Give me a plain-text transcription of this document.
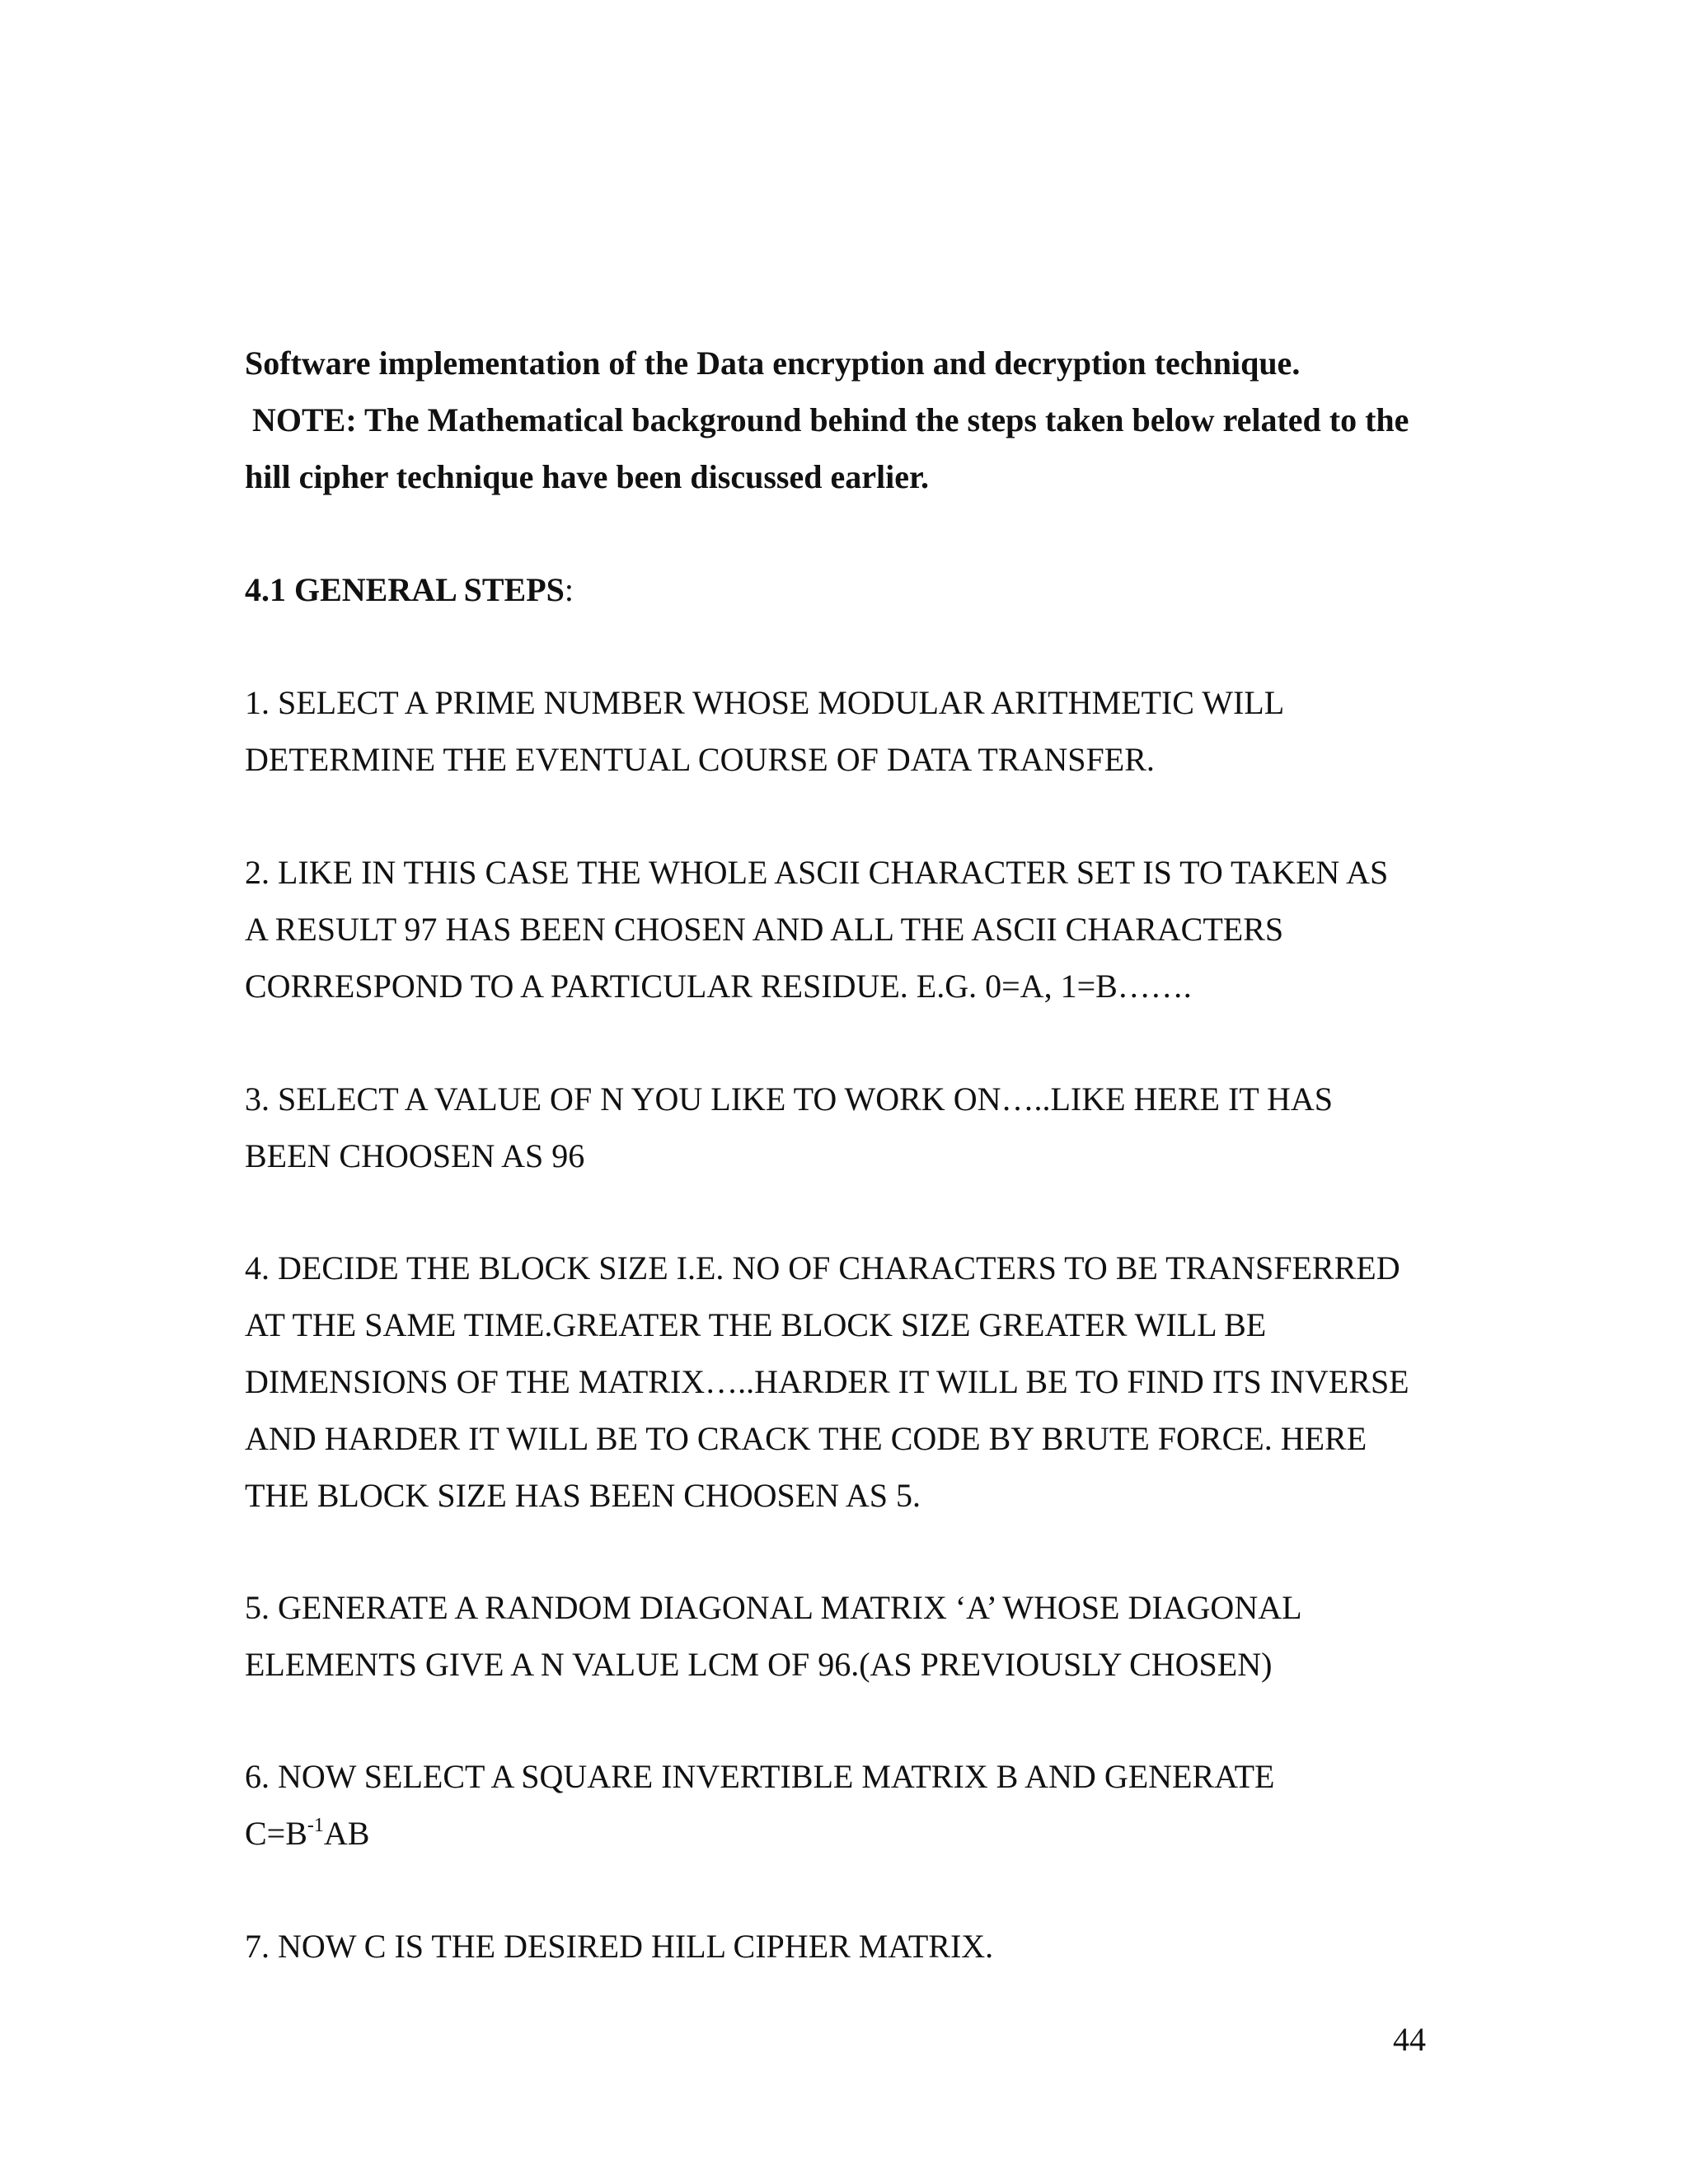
Software implementation of the Data encryption and decryption technique.
NOTE: The Mathematical background behind the steps taken below related to the
hill cipher technique have been discussed earlier.
4.1 GENERAL STEPS:
1. SELECT A PRIME NUMBER WHOSE MODULAR ARITHMETIC WILL
DETERMINE THE EVENTUAL COURSE OF DATA TRANSFER.
2. LIKE IN THIS CASE THE WHOLE ASCII CHARACTER SET IS TO TAKEN AS
A RESULT 97 HAS BEEN CHOSEN AND ALL THE ASCII CHARACTERS
CORRESPOND TO A PARTICULAR RESIDUE. E.G. 0=A, 1=B…….
3. SELECT A VALUE OF N YOU LIKE TO WORK ON…..LIKE HERE IT HAS
BEEN CHOOSEN AS 96
4. DECIDE THE BLOCK SIZE I.E. NO OF CHARACTERS TO BE TRANSFERRED
AT THE SAME TIME.GREATER THE BLOCK SIZE GREATER WILL BE
DIMENSIONS OF THE MATRIX…..HARDER IT WILL BE TO FIND ITS INVERSE
AND HARDER IT WILL BE TO CRACK THE CODE BY BRUTE FORCE. HERE
THE BLOCK SIZE HAS BEEN CHOOSEN AS 5.
5. GENERATE A RANDOM DIAGONAL MATRIX ‘A’ WHOSE DIAGONAL
ELEMENTS GIVE A N VALUE LCM OF 96.(AS PREVIOUSLY CHOSEN)
6. NOW SELECT A SQUARE INVERTIBLE MATRIX B AND GENERATE
$C=B^{-1}AB$
7. NOW C IS THE DESIRED HILL CIPHER MATRIX.
44
